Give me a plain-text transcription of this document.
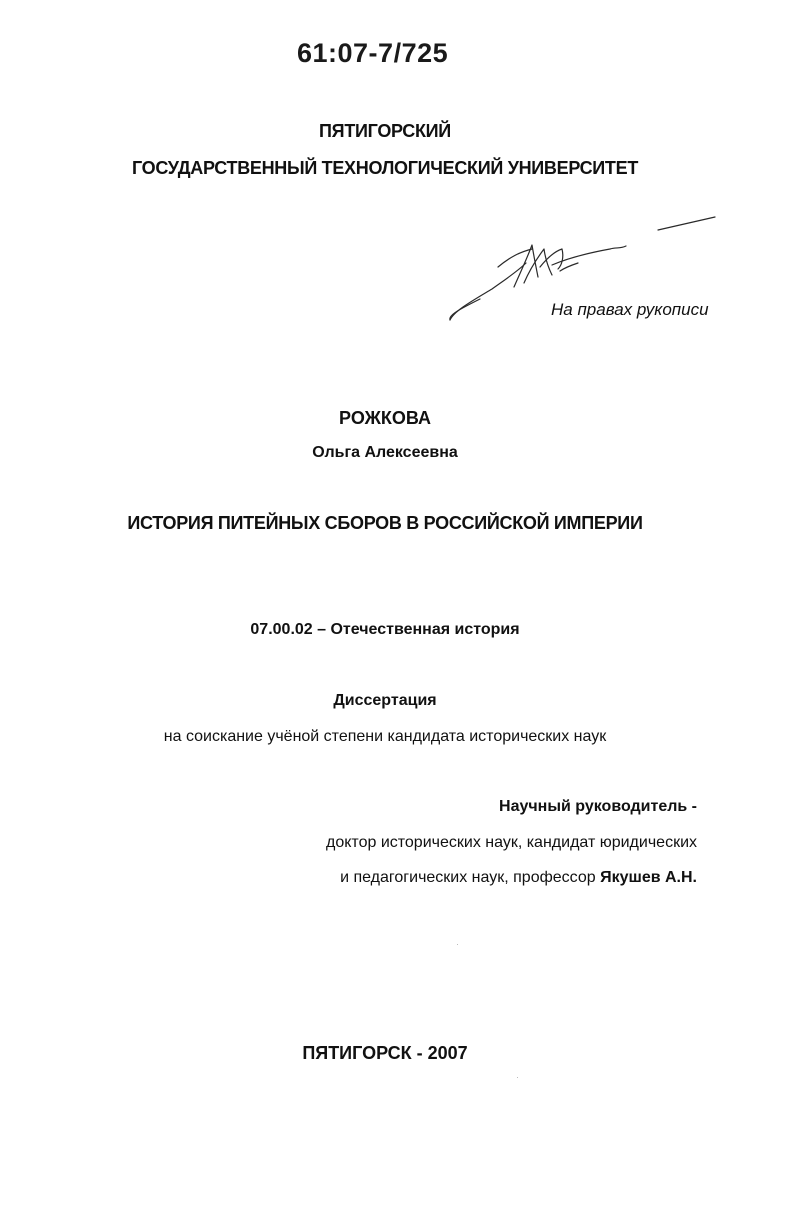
61:07-7/725
ПЯТИГОРСКИЙ
ГОСУДАРСТВЕННЫЙ ТЕХНОЛОГИЧЕСКИЙ УНИВЕРСИТЕТ
На правах рукописи
РОЖКОВА
Ольга Алексеевна
ИСТОРИЯ ПИТЕЙНЫХ СБОРОВ В РОССИЙСКОЙ ИМПЕРИИ
07.00.02 – Отечественная история
Диссертация
на соискание учёной степени кандидата исторических наук
Научный руководитель -
доктор исторических наук, кандидат юридических
и педагогических наук, профессор Якушев А.Н.
ПЯТИГОРСК - 2007
